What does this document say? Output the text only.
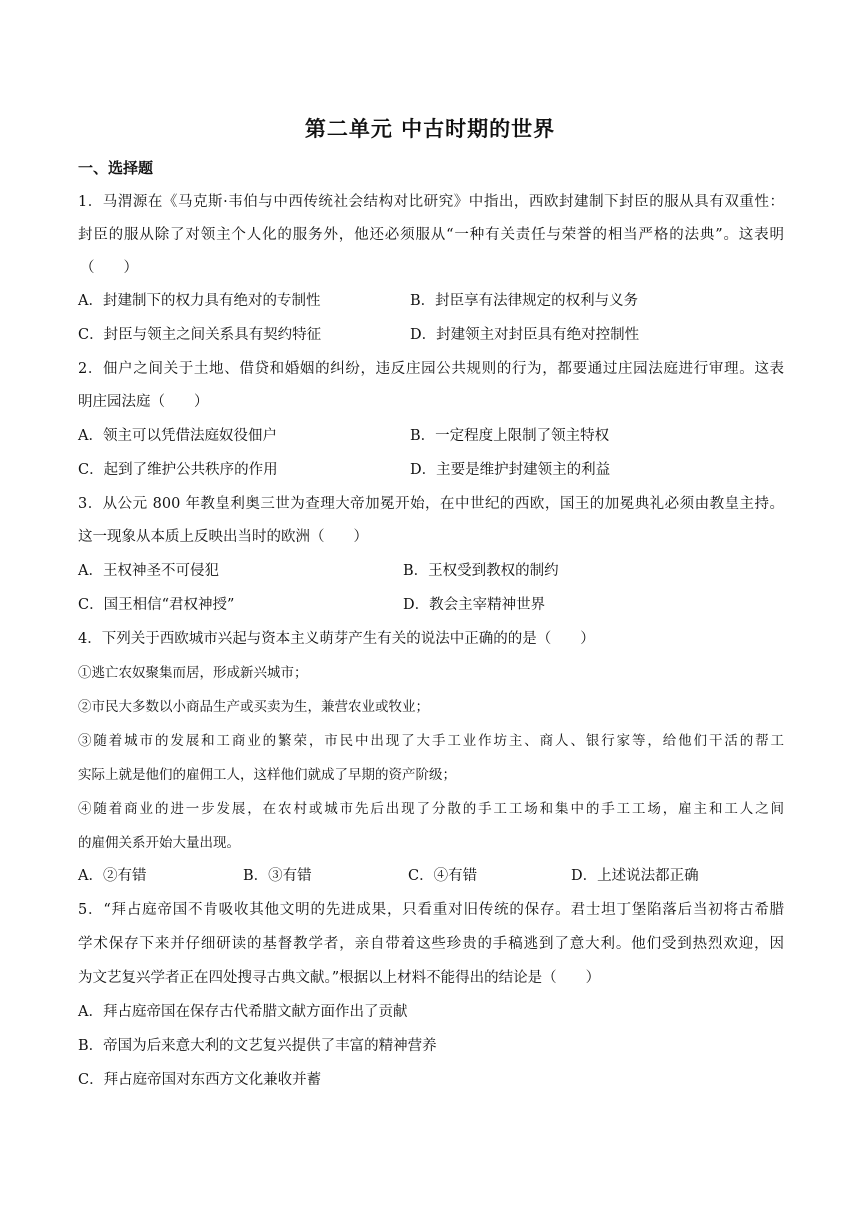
第二单元 中古时期的世界
一、选择题
1．马渭源在《马克斯·韦伯与中西传统社会结构对比研究》中指出，西欧封建制下封臣的服从具有双重性：
封臣的服从除了对领主个人化的服务外，他还必须服从“一种有关责任与荣誉的相当严格的法典”。这表明
（　　）
A．封建制下的权力具有绝对的专制性	B．封臣享有法律规定的权利与义务
C．封臣与领主之间关系具有契约特征	D．封建领主对封臣具有绝对控制性
2．佃户之间关于土地、借贷和婚姻的纠纷，违反庄园公共规则的行为，都要通过庄园法庭进行审理。这表
明庄园法庭（　　）
A．领主可以凭借法庭奴役佃户	B．一定程度上限制了领主特权
C．起到了维护公共秩序的作用	D．主要是维护封建领主的利益
3．从公元 800 年教皇利奥三世为查理大帝加冕开始，在中世纪的西欧，国王的加冕典礼必须由教皇主持。
这一现象从本质上反映出当时的欧洲（　　）
A．王权神圣不可侵犯	B．王权受到教权的制约
C．国王相信“君权神授”	D．教会主宰精神世界
4．下列关于西欧城市兴起与资本主义萌芽产生有关的说法中正确的的是（　　）
①逃亡农奴聚集而居，形成新兴城市；
②市民大多数以小商品生产或买卖为生，兼营农业或牧业；
③随着城市的发展和工商业的繁荣，市民中出现了大手工业作坊主、商人、银行家等，给他们干活的帮工
实际上就是他们的雇佣工人，这样他们就成了早期的资产阶级；
④随着商业的进一步发展，在农村或城市先后出现了分散的手工工场和集中的手工工场，雇主和工人之间
的雇佣关系开始大量出现。
A．②有错	B．③有错	C．④有错	D．上述说法都正确
5．“拜占庭帝国不肯吸收其他文明的先进成果，只看重对旧传统的保存。君士坦丁堡陷落后当初将古希腊
学术保存下来并仔细研读的基督教学者，亲自带着这些珍贵的手稿逃到了意大利。他们受到热烈欢迎，因
为文艺复兴学者正在四处搜寻古典文献。”根据以上材料不能得出的结论是（　　）
A．拜占庭帝国在保存古代希腊文献方面作出了贡献
B．帝国为后来意大利的文艺复兴提供了丰富的精神营养
C．拜占庭帝国对东西方文化兼收并蓄
